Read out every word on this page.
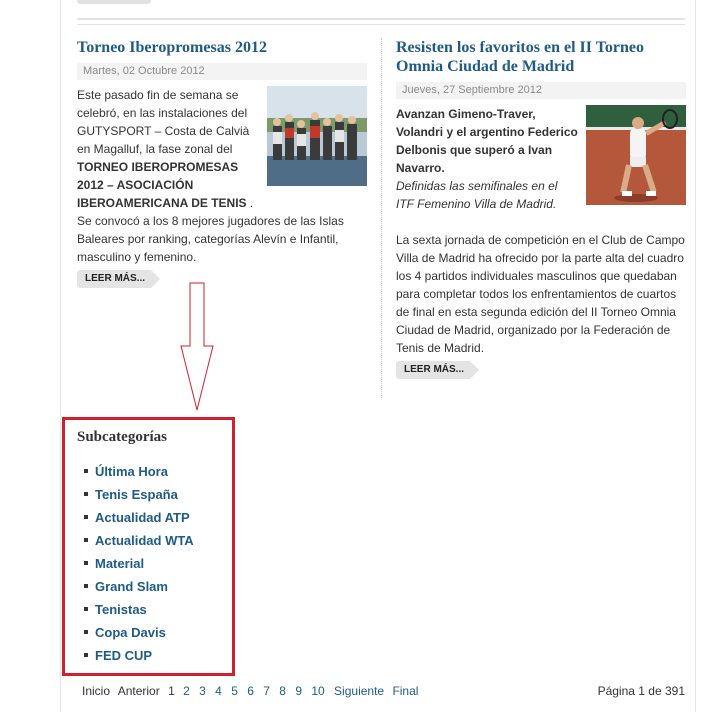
Torneo Iberopromesas 2012
Martes, 02 Octubre 2012
Este pasado fin de semana se celebró, en las instalaciones del GUTYSPORT – Costa de Calvià en Magalluf, la fase zonal del TORNEO IBEROPROMESAS 2012 – ASOCIACIÓN IBEROAMERICANA DE TENIS .
Se convocó a los 8 mejores jugadores de las Islas Baleares por ranking, categorías Alevín e Infantil, masculino y femenino.
LEER MÁS...
Resisten los favoritos en el II Torneo Omnia Ciudad de Madrid
Jueves, 27 Septiembre 2012
Avanzan Gimeno-Traver, Volandri y el argentino Federico Delbonis que superó a Ivan Navarro.
Definidas las semifinales en el ITF Femenino Villa de Madrid.
La sexta jornada de competición en el Club de Campo Villa de Madrid ha ofrecido por la parte alta del cuadro los 4 partidos individuales masculinos que quedaban para completar todos los enfrentamientos de cuartos de final en esta segunda edición del II Torneo Omnia Ciudad de Madrid, organizado por la Federación de Tenis de Madrid.
LEER MÁS...
Subcategorías
Última Hora
Tenis España
Actualidad ATP
Actualidad WTA
Material
Grand Slam
Tenistas
Copa Davis
FED CUP
Inicio Anterior 1 2 3 4 5 6 7 8 9 10 Siguiente Final	Página 1 de 391
